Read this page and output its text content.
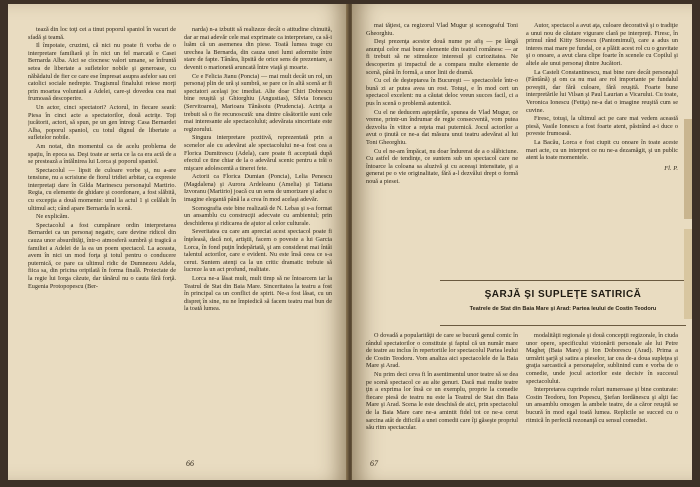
tează din loc toţi cei a tinut poporul spaniol în vacuri de sfadă şi teamă.

Il împotaie, cruzimi, că nici nu poate fi vorba de o interpretare familiară şi în nici un fel marcată e Casei Bernarda Alba. Aici se ciocnesc valori umane, se înfruntă setea de libertate a sufletelor nobile şi generoase, cu năbădaiul de fier ce care ese împresat asupra asfelor sau cei catolici sociale nedrepte. Tragismul finalului reiese morţi prin moartea voluntară a Adelei, care-şi dovedea cea mai frumoasă descoperire.

Un actor, cinci spectatori? Actorul, in fiecare seară: Piesa în cinci acte a spectatorilor, două actriţe. Toţi jucătorii, actori, să spun, pe un gen întreg: Casa Bernardei Alba, poporul spaniol, cu totul dignul de libertate a sufletelor nobile.

Am notat, din momentul ca de acelu problema de spaţiu, în epoca sa. Deşi toate ar seria ce la ca era actă de a se prestează a întălnirea lui Lorca şi poporul spaniol.

Spectacolul — lipsit de culoare vorbe şi, nu a-are tensiune, nu a scrisiune de fiorul tridiei arbitar, ca expresie interpretaţi dare în Gilda Marinescu personajul Martirio. Regia, cu elemente de ghidare şi coordonare, a fost slăbită, cu excepţia a două momente: unul la actul 1 şi celălalt în ultimul act; când apare Bernarda în scenă.

Ne explicăm.

Spectacolul a fost cumpărare ordin interpretarea Bernardei ca un personaj negativ, care devine ridicol din cauza unor absurdităţi, într-o atmosferă sumbră şi tragică a familiei a Adelei de la ea un poem spectacol. La aceasta, avem în nici un mod forţa şi totul pentru o conducere puternică, ce pare ca ultimul ridic de Dumnezeu Adela, fiica sa, din pricina oripilată în forma finală. Proiectate de la regie lui Iorga căzute, dar tânărul nu o cauta fără forţă. Eugenia Protopopescu (Ber-

narda) n-a izbutit să realizeze decât o atitudine chinuită, dar ar mai adevăr cele mai exprimate ca interpretare, ca să-i luăm că un asemenea din piese. Toată lumea trage cu urechea la Bernarda, din cauza unei lumi adormite între stare de fapte. Tânăra, lipsită de orice sens de prezentare, a devenit o marionetă aruncată între viaţă şi moarte.

Ce e Felicia Jianu (Poncia) — mai mult decât un rol, un personaj plin de ură şi sumbră, se pare ce în altă scenă ar fi spectatori acelaşi joc imediat. Alte doar Chiri Dobrescu bine reuşită şi Ghiorghiu (Angustias), Silvia Ionescu (Servitoarea), Marioara Tănăsoiu (Prudencia). Actriţa a trebuit să o fie recunoscută: una dintre căsătoriile sunt cele mai interesante ale spectacolului; adevărata sinceritate este regizorului.

Singura interpretare pozitivă, reprezentată prin a scenelor ale cu adevărat ale spectacolului ne-a fost cea a Florica Dumitrescu (Adela), care poate fi acceptată după efectul ce tine chiar de la o adevărul scenic pentru a trăi o mişcare adolescentă a tinerei fete.

Actorii ca Florica Dumian (Poncia), Lelia Penescu (Magdalena) şi Aurora Ardeleanu (Amelia) şi Tatiana Izvoranu (Martirio) joacă cu un sens de umorizare şi aduc o imagine elegantă până la a crea în mod acelaşi adevăr.

Scenografia este bine realizată de N. Lebas şi s-a format un ansamblu cu construcţii adecvate cu ambientul; prin deschiderea şi ridicarea de ajutor al celor culturale.

Severitatea cu care am apreciat acest spectacol poate fi înţeleasă, dacă noi, artiştii, facem o poveste a lui Garcia Lorca, în fond puţin îndepărtată, şi am considerat mai întâi talentul actorilor, care e evident. Nu este însă ceea ce s-a cerut. Suntem atenţi ca la un critic dramatic trebuie să lucreze la un act profund, realitate.

Lorca ne-a lăsat mult, mult timp să ne întoarcem iar la Teatrul de Stat din Baia Mare. Sinceritatea la teatru a fost în principal ca un conflict de spirit. Ne-a fost lăsat, cu un dispreţ în sine, nu ne împiedică să facem teatru mai bun de la toată lumea.

66

mai tăţiest, ca regizorul Vlad Mugur şi scenograful Toni Gheorghiu.

Deşi prezenţa acestor două nume pe afiş — pe lângă anunţul celor mai bune elemente din teatrul românesc — ar fi trebuit să ne stimuleze interesul şi curiozitatea. Ne descoperim şi impactul de a compara multe elemente de scenă, până în formă, a unor linii de dramă.

Cu cel de deşteptarea în Bucureşti — spectacolele într-o bună zi ar putea avea un rost. Totuşi, e în mod cert un spectacol excelent: nu a căutat deloc vreun succes facil, ci a pus în scenă o problemă autentică.

Cu el ne deducem aşteptările, spunea de Vlad Mugur, ce vreme, printr-un îndrumar de regie consecventă, vom putea dezvolta în viitor a reţeta mai puternică. Jocul actorilor a avut o ţinută ce ne-a dat măsura unui teatru adevărat al lui Toni Gheorghiu.

Cu el ne-am împăcat, nu doar îndurerat de a o slăbiciune. Cu astfel de tendinţe, ce suntem sub un spectacol care ne întoarce la coloana sa aluzivă şi cu aceeaşi intensitate, şi a generat pe o vie originalitate, fără a-l dezvălui drept o formă nouă a piesei.

Autor, spectacol a avut aţa, culoare decorativă şi o tradiţie a unui nou de căutare vigurare clară pe interpreţi. Firesc, în primul rând Kitty Stroescu (Pantomimul), care a adus un interes mai mare pe fundal, ce a plătit acest rol cu o gravitate şi o onoare, a avut clara clipe foarte în scenele cu Copilul şi altele ale unui personaj dintre Jucători.

La Casteli Constantinescu, mai bine rare decât personajul (Fântână) şi om ca nu mai are rol importante pe fundalul poveştii, dar fără culoare, fără reuşită. Foarte bune interpretările lui Vilsan şi Paul Laurian a Vicarului. Cu toate, Veronica Ionescu (Fetiţa) ne-a dat o imagine reuşită cum se cuvine.

Firesc, totuşi, la ultimul act pe care mai vedem această piesă, Vasile Ionescu a fost foarte atent, păstrând a-i duce o poveste frumoasă.

La Bacău, Lorca e fost ciupit cu onoare în toate aceste mari acte, cu un interpret ce nu ne-a dezamăgit, şi un public atent la toate momentele.

Fl. P.
ŞARJĂ ŞI SUPLEŢE SATIRICĂ
Teatrele de Stat din Baia Mare şi Arad: Partea leului de Costin Teodoru

O dovadă a popularităţii de care se bucură genul comic în rândul spectatorilor o constituie şi faptul că un număr mare de teatre au inclus în repertoriile lor spectacolul Partea leului de Costin Teodoru. Vom analiza aici spectacolele de la Baia Mare şi Arad.

Nu prim deci ceva fi în asentimentul unor teatre să se dea pe scenă spectacol ce au alte genuri. Dacă mai multe teatre ţin a exprima lor însă ce un exemplu, proprie la comedie fiecare piesă de teatru nu este la Teatrul de Stat din Baia Mare şi Arad. Scena le este deschisă de aici, prin spectacolul de la Baia Mare care ne-a amintit fidel tot ce ne-a cerut sarcina atât de dificilă a unei comedii care îţi găseşte propriul său ritm spectacular.

modalităţii regionale şi două concepţii regizorale, în ciuda unor opere, specificului vizionării personale ale lui Petre Magheţ (Baia Mare) şi Ion Doborescu (Arad). Prima a urmărit şarjă şi satira a pieselor, iar cea de-a doua supleţea şi graţia sarcastică a personajelor, sublinind cum e vorba de o comedie, unde jocul actorilor este decisiv în succesul spectacolului.

Interpretarea cuprinde roluri numeroase şi bine conturate: Costin Teodoru, Ion Popescu, Ştefan Iordănescu şi alţii fac un ansamblu omogen la ambele teatre, de a căror reuşită se bucură în mod egal toată lumea. Replicile se succed cu o ritmică în perfectă rezonanţă cu sensul comediei.

67
